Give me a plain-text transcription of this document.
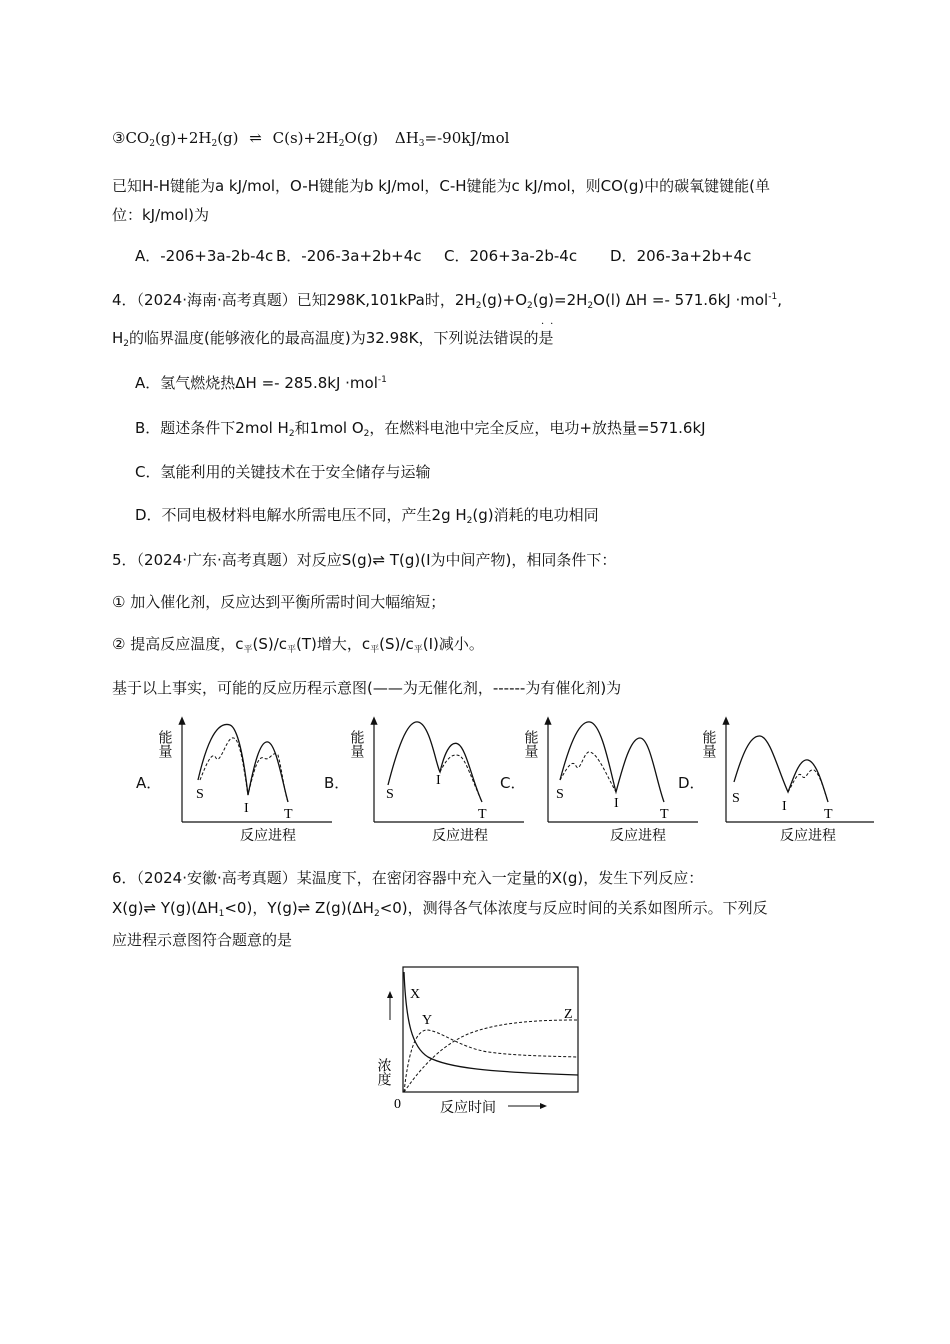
$③CO_2(g)+2H_2(g)$ ⇌ $C(s)+2H_2O(g)$ $\Delta H_3=-90kJ$/mol
已知H-H键能为a kJ/mol，O-H键能为b kJ/mol，C-H键能为c kJ/mol，则CO(g)中的碳氧键键能(单
位：kJ/mol)为
A．-206+3a-2b-4c B．-206-3a+2b+4c C．206+3a-2b-4c D．206-3a+2b+4c
4．（2024·海南·高考真题）已知298K,101kPa时，$2H_2(g)+O_2(g)=2H_2O(l) \Delta H =- 571.6kJ \cdot mol^{-1}$,
$H_2$的临界温度(能够液化的最高温度)为32.98K，下列说法错误的是
··
A．氢气燃烧热ΔH =- 285.8kJ ·mol$^{-1}$
B．题述条件下2mol $H_2$和1mol $O_2$，在燃料电池中完全反应，电功+放热量=571.6kJ
C．氢能利用的关键技术在于安全储存与运输
D．不同电极材料电解水所需电压不同，产生2g $H_2(g)$消耗的电功相同
5．（2024·广东·高考真题）对反应S(g)⇌ T(g)(I为中间产物)，相同条件下：
① 加入催化剂，反应达到平衡所需时间大幅缩短；
② 提高反应温度，$c_平(S)/c_平(T)$增大，$c_平(S)/c_平(I)$减小。
基于以上事实，可能的反应历程示意图(——为无催化剂，------为有催化剂)为
A．	B．	C．	D．
能量
反应进程
S
I	T
能量
反应进程
S
I
T
能量
反应进程
S
I
T
能量
反应进程
S
I
T
6．（2024·安徽·高考真题）某温度下，在密闭容器中充入一定量的X(g)，发生下列反应：
X(g)⇌ $Y(g)(\Delta H_1<0)$，Y(g)⇌ $Z(g)(\Delta H_2<0)$，测得各气体浓度与反应时间的关系如图所示。下列反
应进程示意图符合题意的是
浓度
0	反应时间
X
Y	Z
